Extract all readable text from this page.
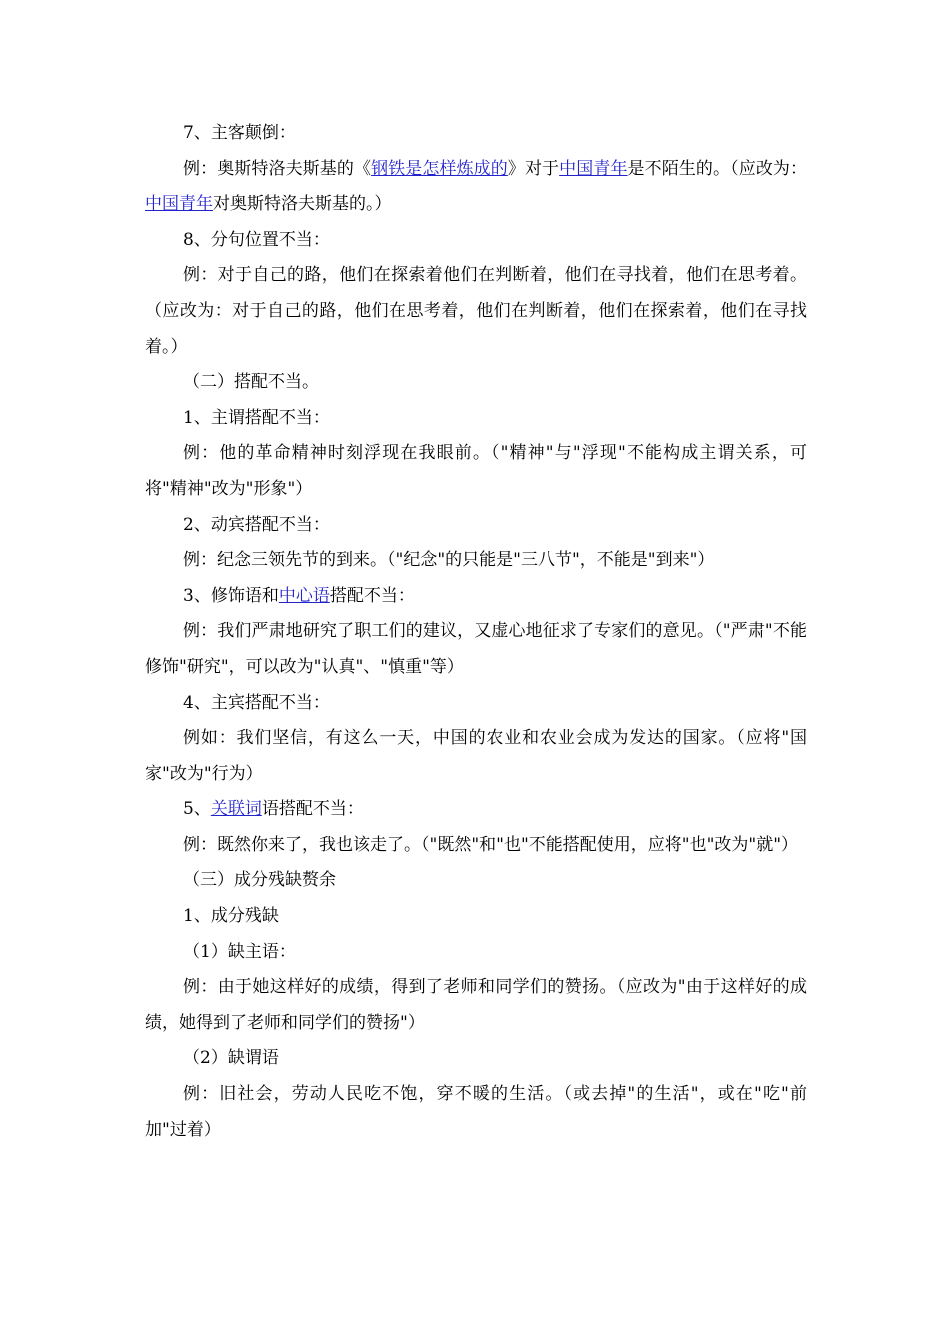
7、主客颠倒：

例：奥斯特洛夫斯基的《钢铁是怎样炼成的》对于中国青年是不陌生的。（应改为：中国青年对奥斯特洛夫斯基的。）

8、分句位置不当：

例：对于自己的路，他们在探索着他们在判断着，他们在寻找着，他们在思考着。（应改为：对于自己的路，他们在思考着，他们在判断着，他们在探索着，他们在寻找着。）

（二）搭配不当。

1、主谓搭配不当：

例：他的革命精神时刻浮现在我眼前。（"精神"与"浮现"不能构成主谓关系，可将"精神"改为"形象"）

2、动宾搭配不当：

例：纪念三领先节的到来。（"纪念"的只能是"三八节"，不能是"到来"）

3、修饰语和中心语搭配不当：

例：我们严肃地研究了职工们的建议，又虚心地征求了专家们的意见。（"严肃"不能修饰"研究"，可以改为"认真"、"慎重"等）

4、主宾搭配不当：

例如：我们坚信，有这么一天，中国的农业和农业会成为发达的国家。（应将"国家"改为"行为）

5、关联词语搭配不当：

例：既然你来了，我也该走了。（"既然"和"也"不能搭配使用，应将"也"改为"就"）

（三）成分残缺赘余

1、成分残缺

（1）缺主语：

例：由于她这样好的成绩，得到了老师和同学们的赞扬。（应改为"由于这样好的成绩，她得到了老师和同学们的赞扬"）

（2）缺谓语

例：旧社会，劳动人民吃不饱，穿不暖的生活。（或去掉"的生活"，或在"吃"前加"过着）
